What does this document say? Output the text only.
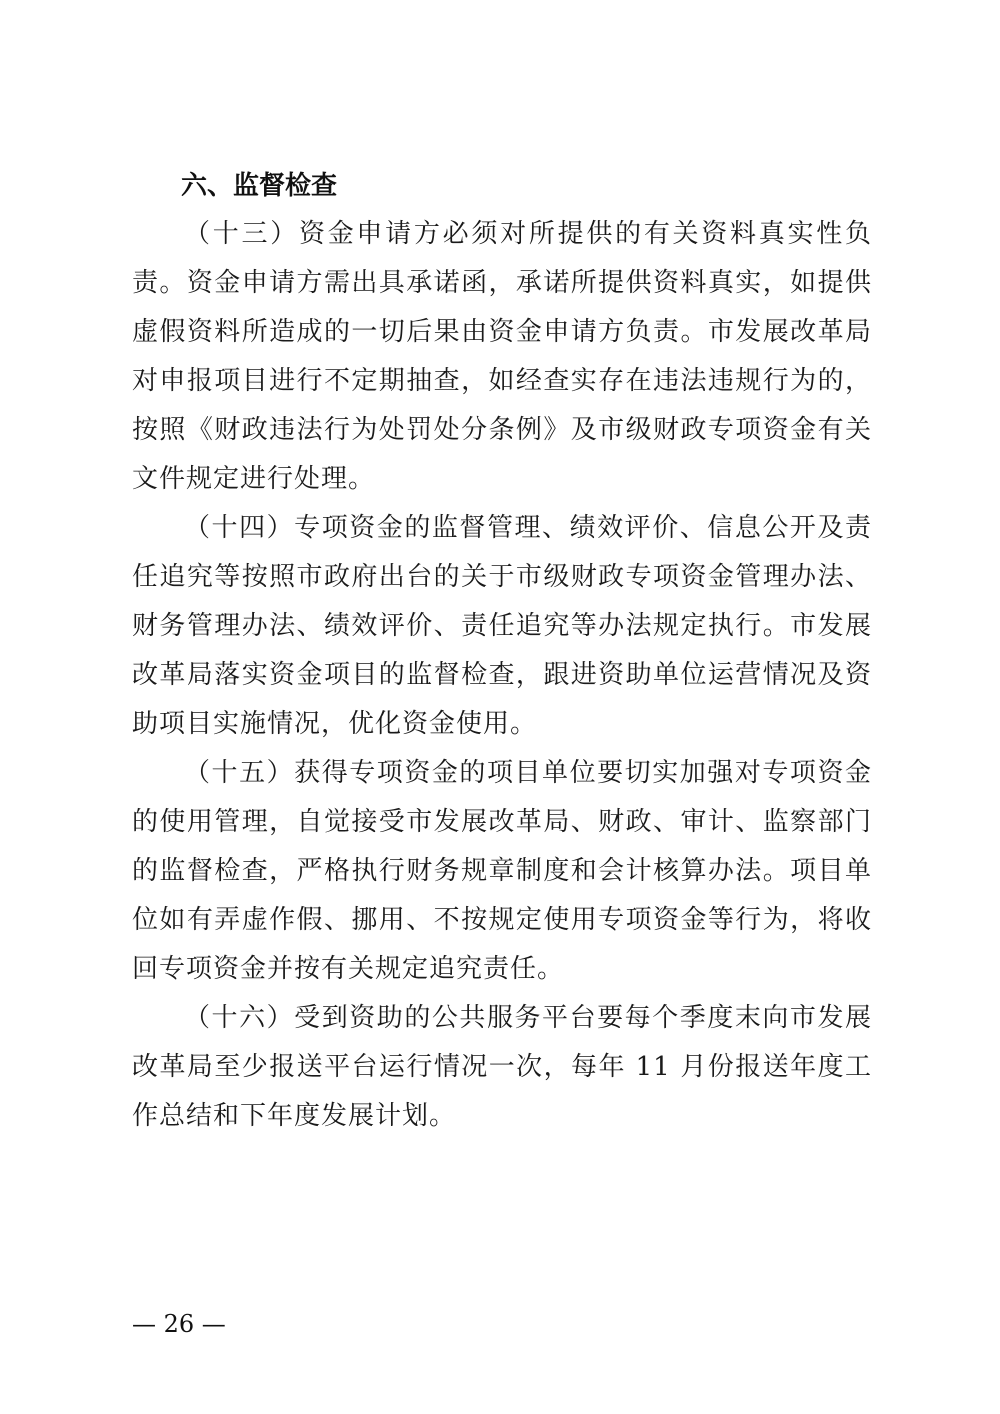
六、监督检查

（十三）资金申请方必须对所提供的有关资料真实性负责。资金申请方需出具承诺函，承诺所提供资料真实，如提供虚假资料所造成的一切后果由资金申请方负责。市发展改革局对申报项目进行不定期抽查，如经查实存在违法违规行为的，按照《财政违法行为处罚处分条例》及市级财政专项资金有关文件规定进行处理。

（十四）专项资金的监督管理、绩效评价、信息公开及责任追究等按照市政府出台的关于市级财政专项资金管理办法、财务管理办法、绩效评价、责任追究等办法规定执行。市发展改革局落实资金项目的监督检查，跟进资助单位运营情况及资助项目实施情况，优化资金使用。

（十五）获得专项资金的项目单位要切实加强对专项资金的使用管理，自觉接受市发展改革局、财政、审计、监察部门的监督检查，严格执行财务规章制度和会计核算办法。项目单位如有弄虚作假、挪用、不按规定使用专项资金等行为，将收回专项资金并按有关规定追究责任。

（十六）受到资助的公共服务平台要每个季度末向市发展改革局至少报送平台运行情况一次，每年 11 月份报送年度工作总结和下年度发展计划。

— 26 —
